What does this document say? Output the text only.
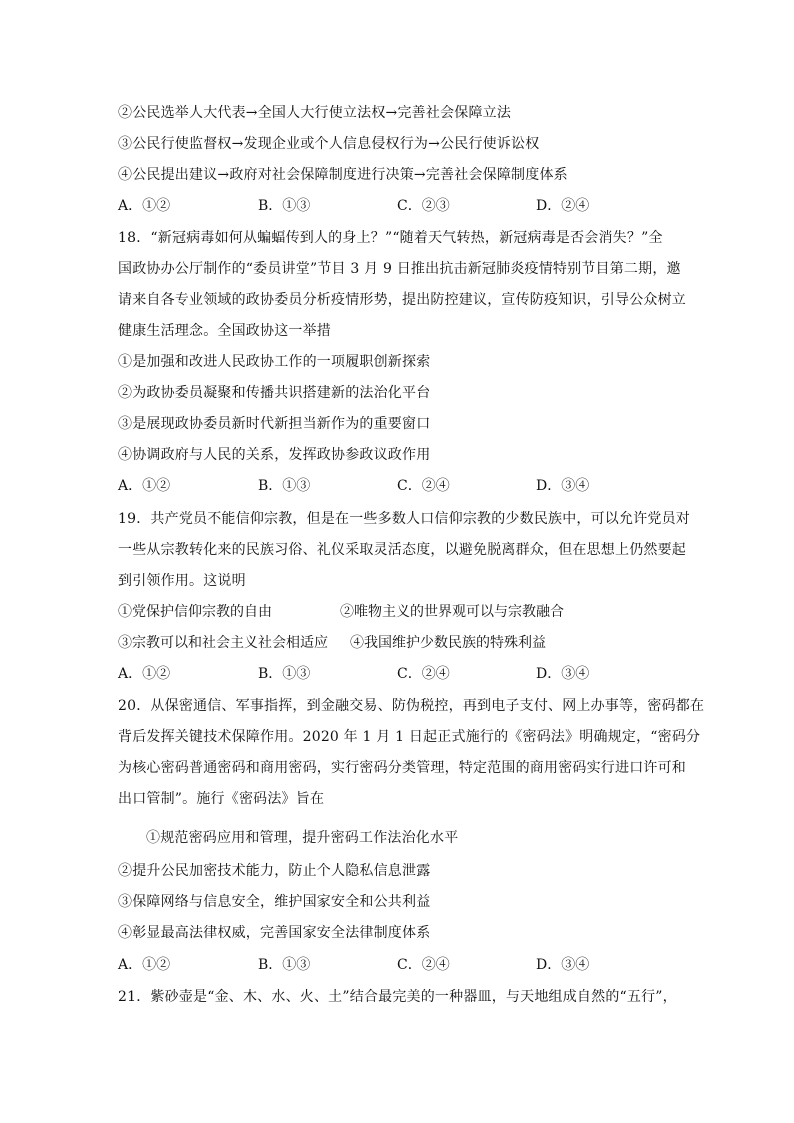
②公民选举人大代表→全国人大行使立法权→完善社会保障立法
③公民行使监督权→发现企业或个人信息侵权行为→公民行使诉讼权
④公民提出建议→政府对社会保障制度进行决策→完善社会保障制度体系
A．①②	B．①③	C．②③	D．②④
18．“新冠病毒如何从蝙蝠传到人的身上？”“随着天气转热，新冠病毒是否会消失？”全
国政协办公厅制作的“委员讲堂”节目 3 月 9 日推出抗击新冠肺炎疫情特别节目第二期，邀
请来自各专业领域的政协委员分析疫情形势，提出防控建议，宣传防疫知识，引导公众树立
健康生活理念。全国政协这一举措
①是加强和改进人民政协工作的一项履职创新探索
②为政协委员凝聚和传播共识搭建新的法治化平台
③是展现政协委员新时代新担当新作为的重要窗口
④协调政府与人民的关系，发挥政协参政议政作用
A．①②	B．①③	C．②④	D．③④
19．共产党员不能信仰宗教，但是在一些多数人口信仰宗教的少数民族中，可以允许党员对
一些从宗教转化来的民族习俗、礼仪采取灵活态度，以避免脱离群众，但在思想上仍然要起
到引领作用。这说明
①党保护信仰宗教的自由	②唯物主义的世界观可以与宗教融合
③宗教可以和社会主义社会相适应 ④我国维护少数民族的特殊利益
A．①②	B．①③	C．②④	D．③④
20．从保密通信、军事指挥，到金融交易、防伪税控，再到电子支付、网上办事等，密码都在
背后发挥关键技术保障作用。2020 年 1 月 1 日起正式施行的《密码法》明确规定，“密码分
为核心密码普通密码和商用密码，实行密码分类管理，特定范围的商用密码实行进口许可和
出口管制”。施行《密码法》旨在
①规范密码应用和管理，提升密码工作法治化水平
②提升公民加密技术能力，防止个人隐私信息泄露
③保障网络与信息安全，维护国家安全和公共利益
④彰显最高法律权威，完善国家安全法律制度体系
A．①②	B．①③	C．②④	D．③④
21．紫砂壶是“金、木、水、火、土”结合最完美的一种器皿，与天地组成自然的“五行”，
